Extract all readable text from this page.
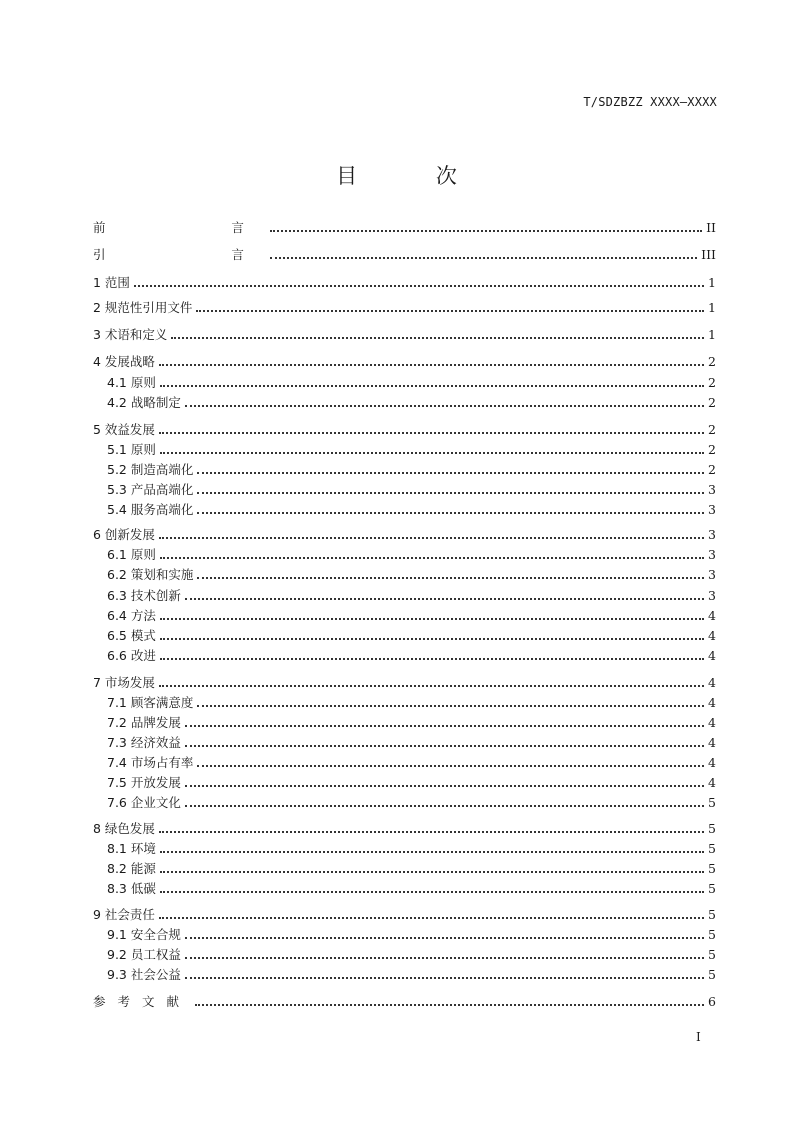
T/SDZBZZ XXXX—XXXX
目 次
前    言	II
引    言	III
1 范围	1
2 规范性引用文件	1
3 术语和定义	1
4 发展战略	2
4.1 原则	2
4.2 战略制定	2
5 效益发展	2
5.1 原则	2
5.2 制造高端化	2
5.3 产品高端化	3
5.4 服务高端化	3
6 创新发展	3
6.1 原则	3
6.2 策划和实施	3
6.3 技术创新	3
6.4 方法	4
6.5 模式	4
6.6 改进	4
7 市场发展	4
7.1 顾客满意度	4
7.2 品牌发展	4
7.3 经济效益	4
7.4 市场占有率	4
7.5 开放发展	4
7.6 企业文化	5
8 绿色发展	5
8.1 环境	5
8.2 能源	5
8.3 低碳	5
9 社会责任	5
9.1 安全合规	5
9.2 员工权益	5
9.3 社会公益	5
参考文献	6
I
